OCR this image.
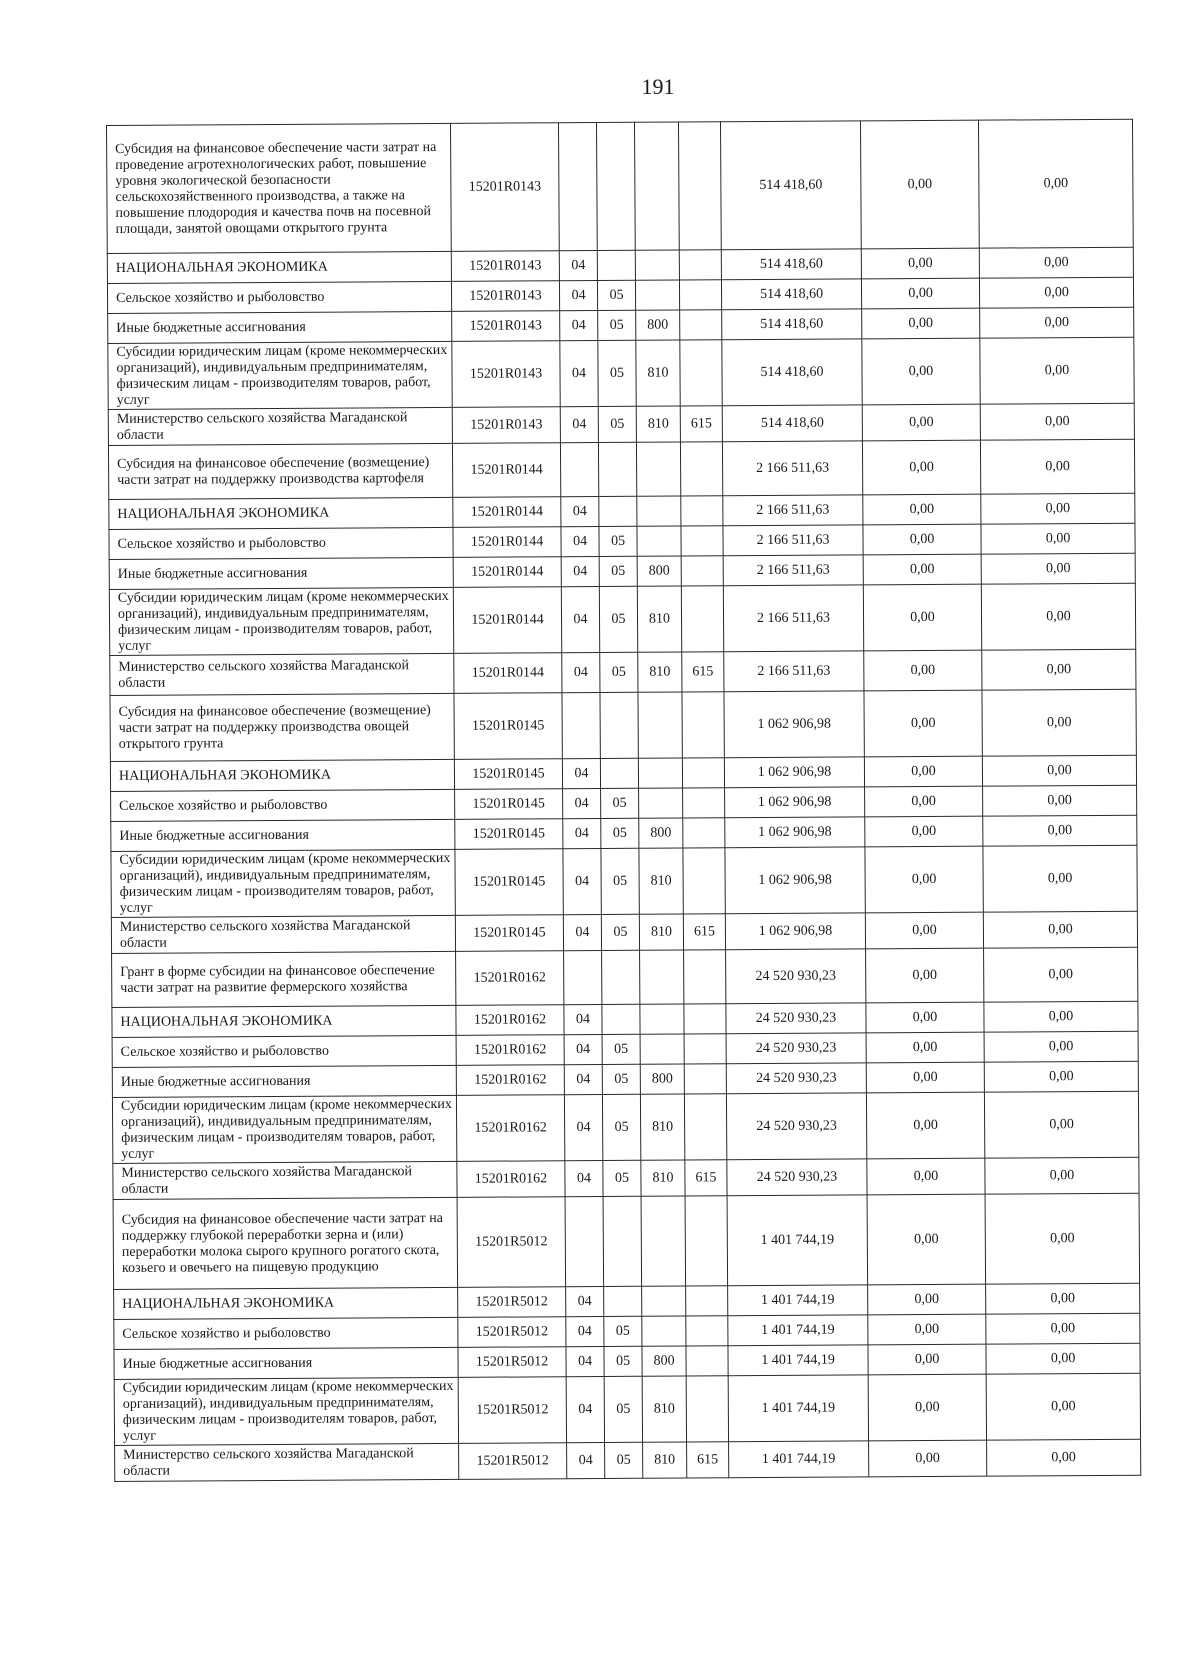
191
Субсидия на финансовое обеспечение части затрат на проведение агротехнологических работ, повышение уровня экологической безопасности сельскохозяйственного производства, а также на повышение плодородия и качества почв на посевной площади, занятой овощами открытого грунта	15201R0143					514 418,60	0,00	0,00
НАЦИОНАЛЬНАЯ ЭКОНОМИКА	15201R0143	04				514 418,60	0,00	0,00
Сельское хозяйство и рыболовство	15201R0143	04	05			514 418,60	0,00	0,00
Иные бюджетные ассигнования	15201R0143	04	05	800		514 418,60	0,00	0,00
Субсидии юридическим лицам (кроме некоммерческих организаций), индивидуальным предпринимателям, физическим лицам - производителям товаров, работ, услуг	15201R0143	04	05	810		514 418,60	0,00	0,00
Министерство сельского хозяйства Магаданской области	15201R0143	04	05	810	615	514 418,60	0,00	0,00
Субсидия на финансовое обеспечение (возмещение) части затрат на поддержку производства картофеля	15201R0144					2 166 511,63	0,00	0,00
НАЦИОНАЛЬНАЯ ЭКОНОМИКА	15201R0144	04				2 166 511,63	0,00	0,00
Сельское хозяйство и рыболовство	15201R0144	04	05			2 166 511,63	0,00	0,00
Иные бюджетные ассигнования	15201R0144	04	05	800		2 166 511,63	0,00	0,00
Субсидии юридическим лицам (кроме некоммерческих организаций), индивидуальным предпринимателям, физическим лицам - производителям товаров, работ, услуг	15201R0144	04	05	810		2 166 511,63	0,00	0,00
Министерство сельского хозяйства Магаданской области	15201R0144	04	05	810	615	2 166 511,63	0,00	0,00
Субсидия на финансовое обеспечение (возмещение) части затрат на поддержку производства овощей открытого грунта	15201R0145					1 062 906,98	0,00	0,00
НАЦИОНАЛЬНАЯ ЭКОНОМИКА	15201R0145	04				1 062 906,98	0,00	0,00
Сельское хозяйство и рыболовство	15201R0145	04	05			1 062 906,98	0,00	0,00
Иные бюджетные ассигнования	15201R0145	04	05	800		1 062 906,98	0,00	0,00
Субсидии юридическим лицам (кроме некоммерческих организаций), индивидуальным предпринимателям, физическим лицам - производителям товаров, работ, услуг	15201R0145	04	05	810		1 062 906,98	0,00	0,00
Министерство сельского хозяйства Магаданской области	15201R0145	04	05	810	615	1 062 906,98	0,00	0,00
Грант в форме субсидии на финансовое обеспечение части затрат на развитие фермерского хозяйства	15201R0162					24 520 930,23	0,00	0,00
НАЦИОНАЛЬНАЯ ЭКОНОМИКА	15201R0162	04				24 520 930,23	0,00	0,00
Сельское хозяйство и рыболовство	15201R0162	04	05			24 520 930,23	0,00	0,00
Иные бюджетные ассигнования	15201R0162	04	05	800		24 520 930,23	0,00	0,00
Субсидии юридическим лицам (кроме некоммерческих организаций), индивидуальным предпринимателям, физическим лицам - производителям товаров, работ, услуг	15201R0162	04	05	810		24 520 930,23	0,00	0,00
Министерство сельского хозяйства Магаданской области	15201R0162	04	05	810	615	24 520 930,23	0,00	0,00
Субсидия на финансовое обеспечение части затрат на поддержку глубокой переработки зерна и (или) переработки молока сырого крупного рогатого скота, козьего и овечьего на пищевую продукцию	15201R5012					1 401 744,19	0,00	0,00
НАЦИОНАЛЬНАЯ ЭКОНОМИКА	15201R5012	04				1 401 744,19	0,00	0,00
Сельское хозяйство и рыболовство	15201R5012	04	05			1 401 744,19	0,00	0,00
Иные бюджетные ассигнования	15201R5012	04	05	800		1 401 744,19	0,00	0,00
Субсидии юридическим лицам (кроме некоммерческих организаций), индивидуальным предпринимателям, физическим лицам - производителям товаров, работ, услуг	15201R5012	04	05	810		1 401 744,19	0,00	0,00
Министерство сельского хозяйства Магаданской области	15201R5012	04	05	810	615	1 401 744,19	0,00	0,00
